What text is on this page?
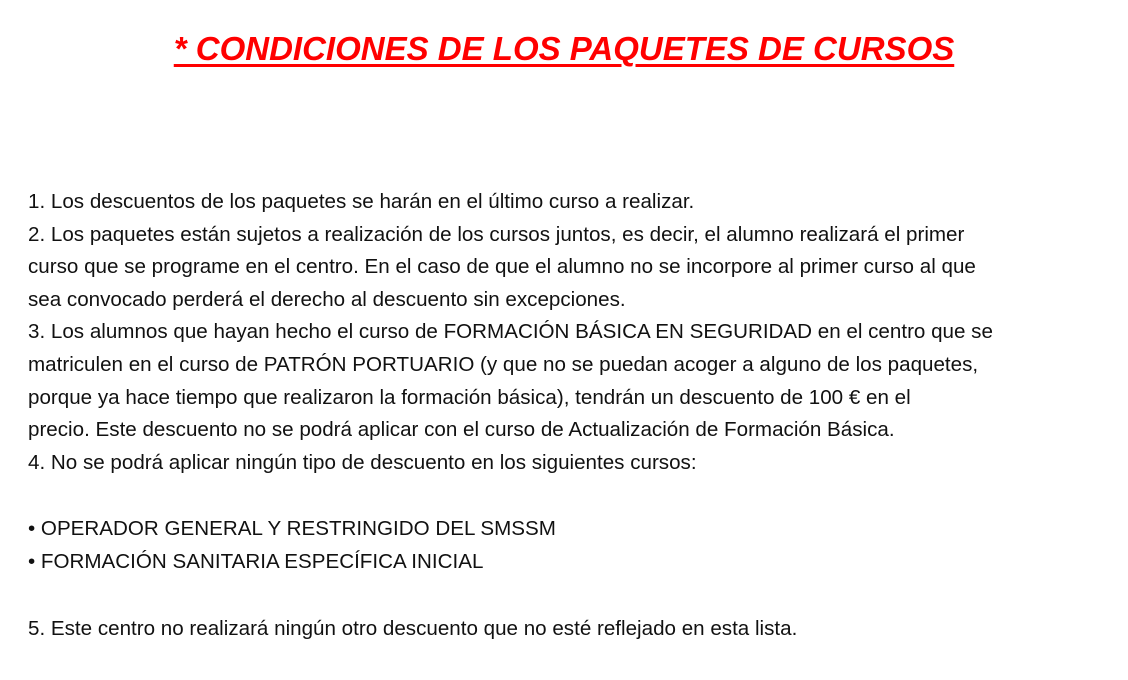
* CONDICIONES DE LOS PAQUETES DE CURSOS

1. Los descuentos de los paquetes se harán en el último curso a realizar.

2. Los paquetes están sujetos a realización de los cursos juntos, es decir, el alumno realizará el primer

curso que se programe en el centro. En el caso de que el alumno no se incorpore al primer curso al que

sea convocado perderá el derecho al descuento sin excepciones.

3. Los alumnos que hayan hecho el curso de FORMACIÓN BÁSICA EN SEGURIDAD en el centro que se

matriculen en el curso de PATRÓN PORTUARIO (y que no se puedan acoger a alguno de los paquetes,

porque ya hace tiempo que realizaron la formación básica), tendrán un descuento de 100 € en el

precio. Este descuento no se podrá aplicar con el curso de Actualización de Formación Básica.

4. No se podrá aplicar ningún tipo de descuento en los siguientes cursos:

• OPERADOR GENERAL Y RESTRINGIDO DEL SMSSM

• FORMACIÓN SANITARIA ESPECÍFICA INICIAL

5. Este centro no realizará ningún otro descuento que no esté reflejado en esta lista.
